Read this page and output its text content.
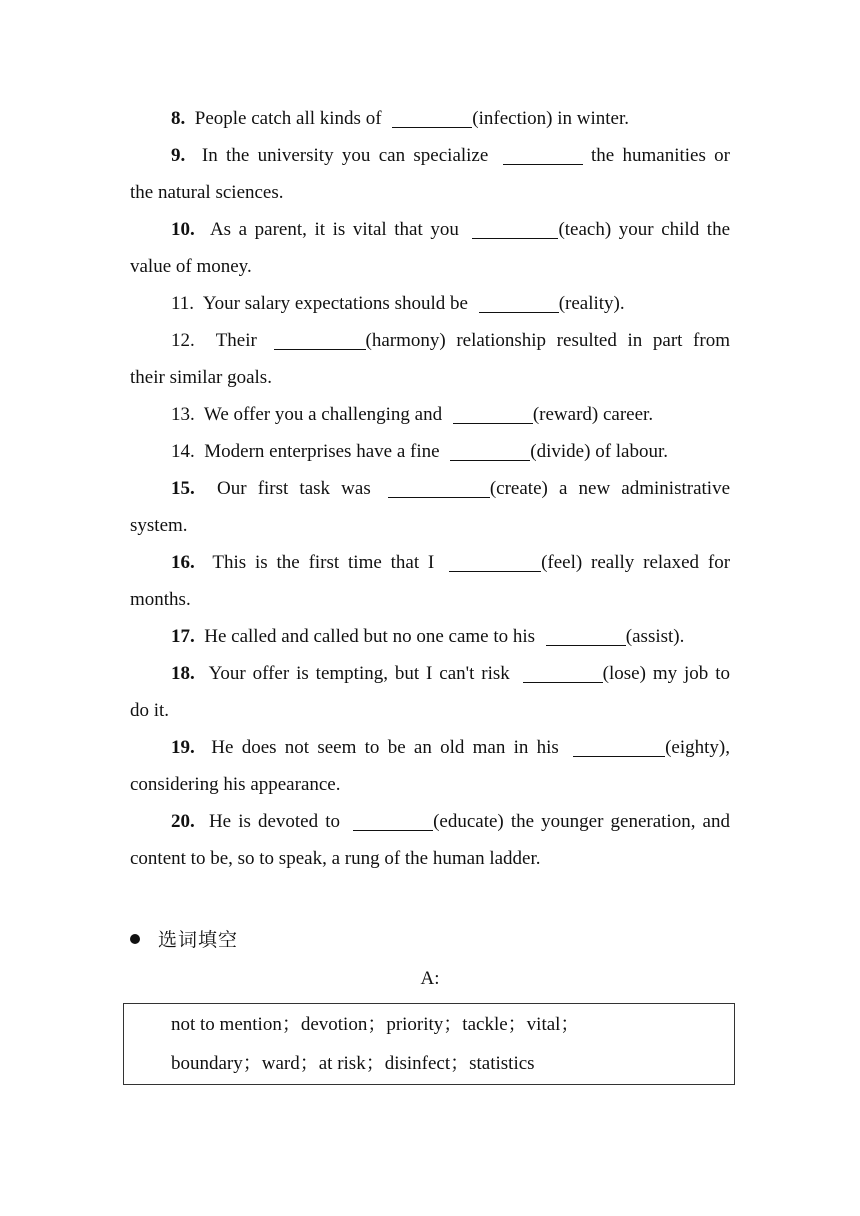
8.  People catch all kinds of	(infection) in winter.
9.  In the university you can specialize	the humanities or
the natural sciences.
10.  As a parent, it is vital that you	(teach) your child the
value of money.
11.  Your salary expectations should be	(reality).
12.  Their	(harmony) relationship resulted in part from
their similar goals.
13.  We offer you a challenging and	(reward) career.
14.  Modern enterprises have a fine	(divide) of labour.
15.  Our first task was	(create) a new administrative
system.
16.  This is the first time that I	(feel) really relaxed for
months.
17.  He called and called but no one came to his	(assist).
18.  Your offer is tempting, but I can't risk	(lose) my job to
do it.
19.  He does not seem to be an old man in his	(eighty),
considering his appearance.
20.  He is devoted to	(educate) the younger generation, and
content to be, so to speak, a rung of the human ladder.
选词填空
A:
not to mention；devotion；priority；tackle；vital；
boundary；ward；at risk；disinfect；statistics
